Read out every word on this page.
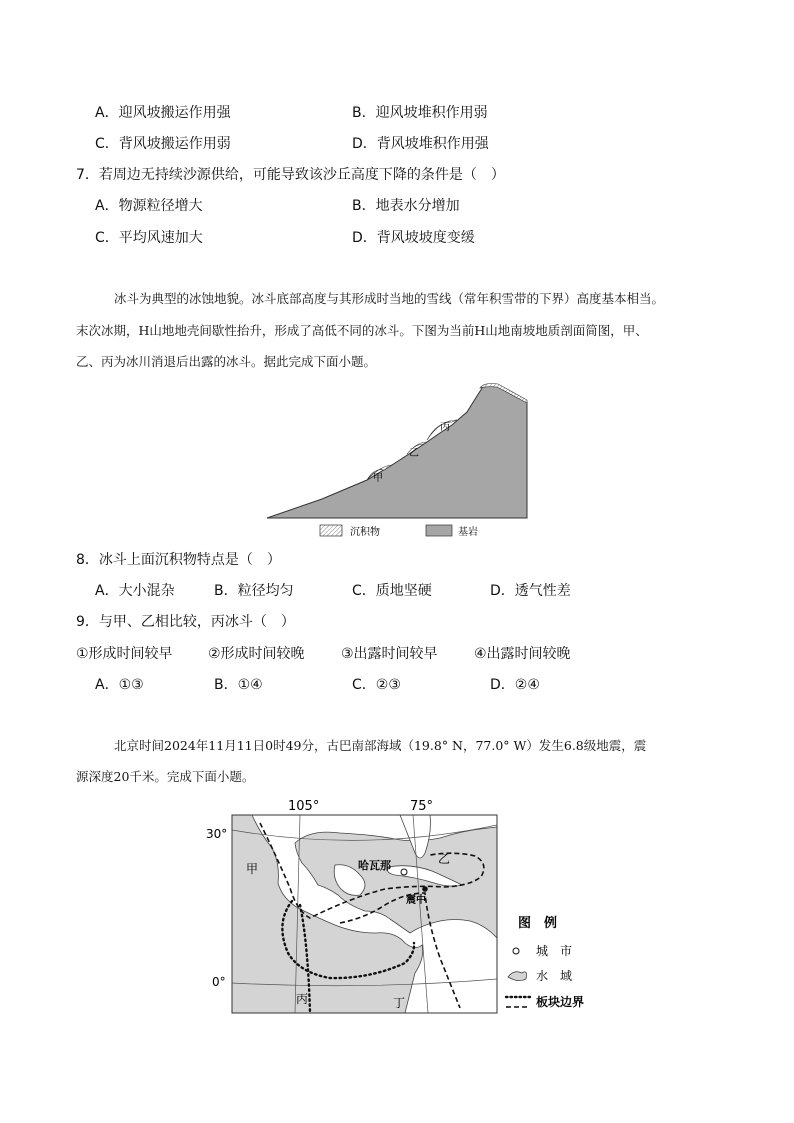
A．迎风坡搬运作用强	B．迎风坡堆积作用弱
C．背风坡搬运作用弱	D．背风坡堆积作用强
7．若周边无持续沙源供给，可能导致该沙丘高度下降的条件是（　）
A．物源粒径增大	B．地表水分增加
C．平均风速加大	D．背风坡坡度变缓
冰斗为典型的冰蚀地貌。冰斗底部高度与其形成时当地的雪线（常年积雪带的下界）高度基本相当。
末次冰期，H山地地壳间歇性抬升，形成了高低不同的冰斗。下图为当前H山地南坡地质剖面简图，甲、
乙、丙为冰川消退后出露的冰斗。据此完成下面小题。
甲
乙
丙
沉积物	基岩
8．冰斗上面沉积物特点是（　）
A．大小混杂	B．粒径均匀	C．质地坚硬	D．透气性差
9．与甲、乙相比较，丙冰斗（　）
①形成时间较早	②形成时间较晚	③出露时间较早	④出露时间较晚
A．①③	B．①④	C．②③	D．②④
北京时间2024年11月11日0时49分，古巴南部海域（19.8° N，77.0° W）发生6.8级地震，震
源深度20千米。完成下面小题。
105°	75°
30°
0°
甲
乙
丙	丁
哈瓦那
震中
图　例
城　市
水　域
板块边界
